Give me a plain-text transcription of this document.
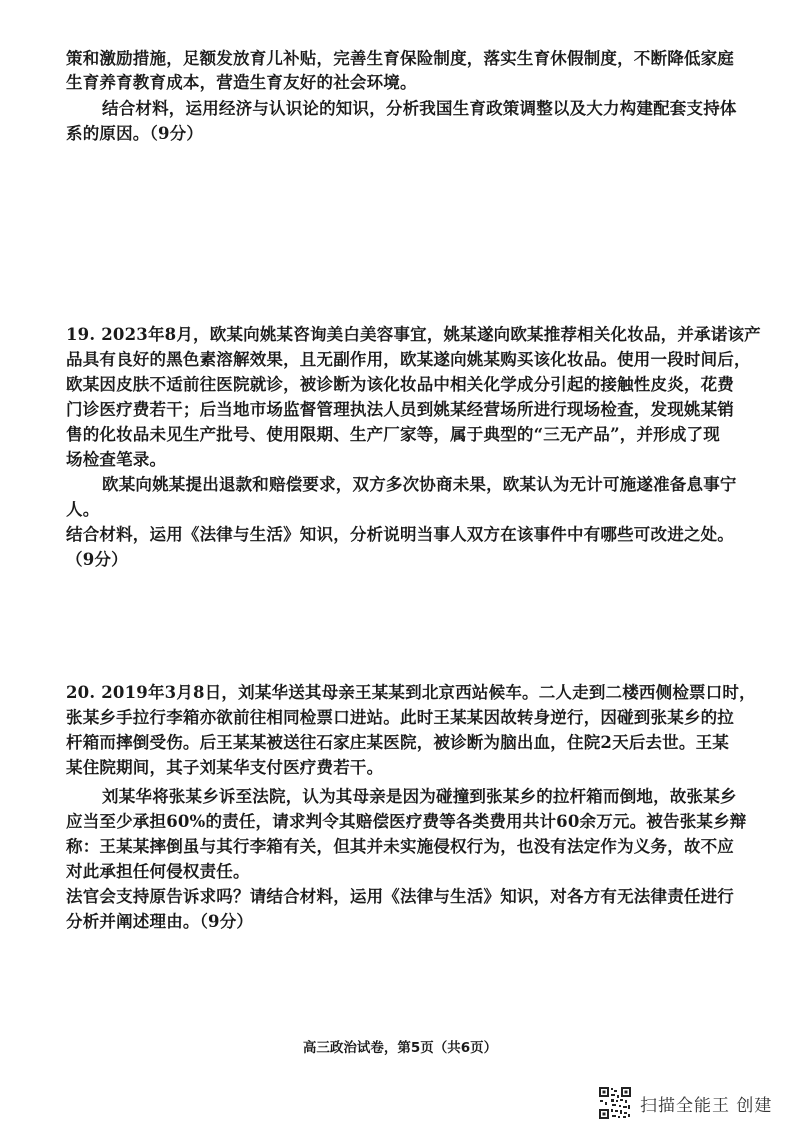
策和激励措施，足额发放育儿补贴，完善生育保险制度，落实生育休假制度，不断降低家庭
生育养育教育成本，营造生育友好的社会环境。
结合材料，运用经济与认识论的知识，分析我国生育政策调整以及大力构建配套支持体
系的原因。（9分）
19. 2023年8月，欧某向姚某咨询美白美容事宜，姚某遂向欧某推荐相关化妆品，并承诺该产
品具有良好的黑色素溶解效果，且无副作用，欧某遂向姚某购买该化妆品。使用一段时间后，
欧某因皮肤不适前往医院就诊，被诊断为该化妆品中相关化学成分引起的接触性皮炎，花费
门诊医疗费若干；后当地市场监督管理执法人员到姚某经营场所进行现场检查，发现姚某销
售的化妆品未见生产批号、使用限期、生产厂家等，属于典型的“三无产品”，并形成了现
场检查笔录。
欧某向姚某提出退款和赔偿要求，双方多次协商未果，欧某认为无计可施遂准备息事宁
人。
结合材料，运用《法律与生活》知识，分析说明当事人双方在该事件中有哪些可改进之处。
（9分）
20. 2019年3月8日，刘某华送其母亲王某某到北京西站候车。二人走到二楼西侧检票口时，
张某乡手拉行李箱亦欲前往相同检票口进站。此时王某某因故转身逆行，因碰到张某乡的拉
杆箱而摔倒受伤。后王某某被送往石家庄某医院，被诊断为脑出血，住院2天后去世。王某
某住院期间，其子刘某华支付医疗费若干。
刘某华将张某乡诉至法院，认为其母亲是因为碰撞到张某乡的拉杆箱而倒地，故张某乡
应当至少承担60%的责任，请求判令其赔偿医疗费等各类费用共计60余万元。被告张某乡辩
称：王某某摔倒虽与其行李箱有关，但其并未实施侵权行为，也没有法定作为义务，故不应
对此承担任何侵权责任。
法官会支持原告诉求吗？请结合材料，运用《法律与生活》知识，对各方有无法律责任进行
分析并阐述理由。（9分）
高三政治试卷，第5页（共6页）
扫描全能王 创建
